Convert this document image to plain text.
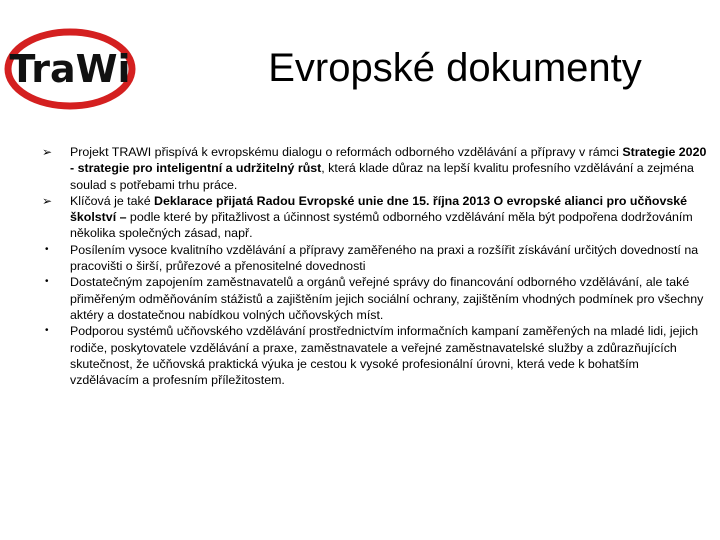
TraWi	Evropské dokumenty
➢	Projekt TRAWI přispívá k evropskému dialogu o reformách odborného vzdělávání a přípravy v rámci Strategie 2020 - strategie pro inteligentní a udržitelný růst, která klade důraz na lepší kvalitu profesního vzdělávání a zejména soulad s potřebami trhu práce.
➢	Klíčová je také Deklarace přijatá Radou Evropské unie dne 15. října 2013 O evropské alianci pro učňovské školství – podle které by přitažlivost a účinnost systémů odborného vzdělávání měla být podpořena dodržováním několika společných zásad, např.
•	Posílením vysoce kvalitního vzdělávání a přípravy zaměřeného na praxi a rozšířit získávání určitých dovedností na pracovišti o širší, průřezové a přenositelné dovednosti
•	Dostatečným zapojením zaměstnavatelů a orgánů veřejné správy do financování odborného vzdělávání, ale také přiměřeným odměňováním stážistů a zajištěním jejich sociální ochrany, zajištěním vhodných podmínek pro všechny aktéry a dostatečnou nabídkou volných učňovských míst.
•	Podporou systémů učňovského vzdělávání prostřednictvím informačních kampaní zaměřených na mladé lidi, jejich rodiče, poskytovatele vzdělávání a praxe, zaměstnavatele a veřejné zaměstnavatelské služby a zdůrazňujících skutečnost, že učňovská praktická výuka je cestou k vysoké profesionální úrovni, která vede k bohatším vzdělávacím a profesním příležitostem.
